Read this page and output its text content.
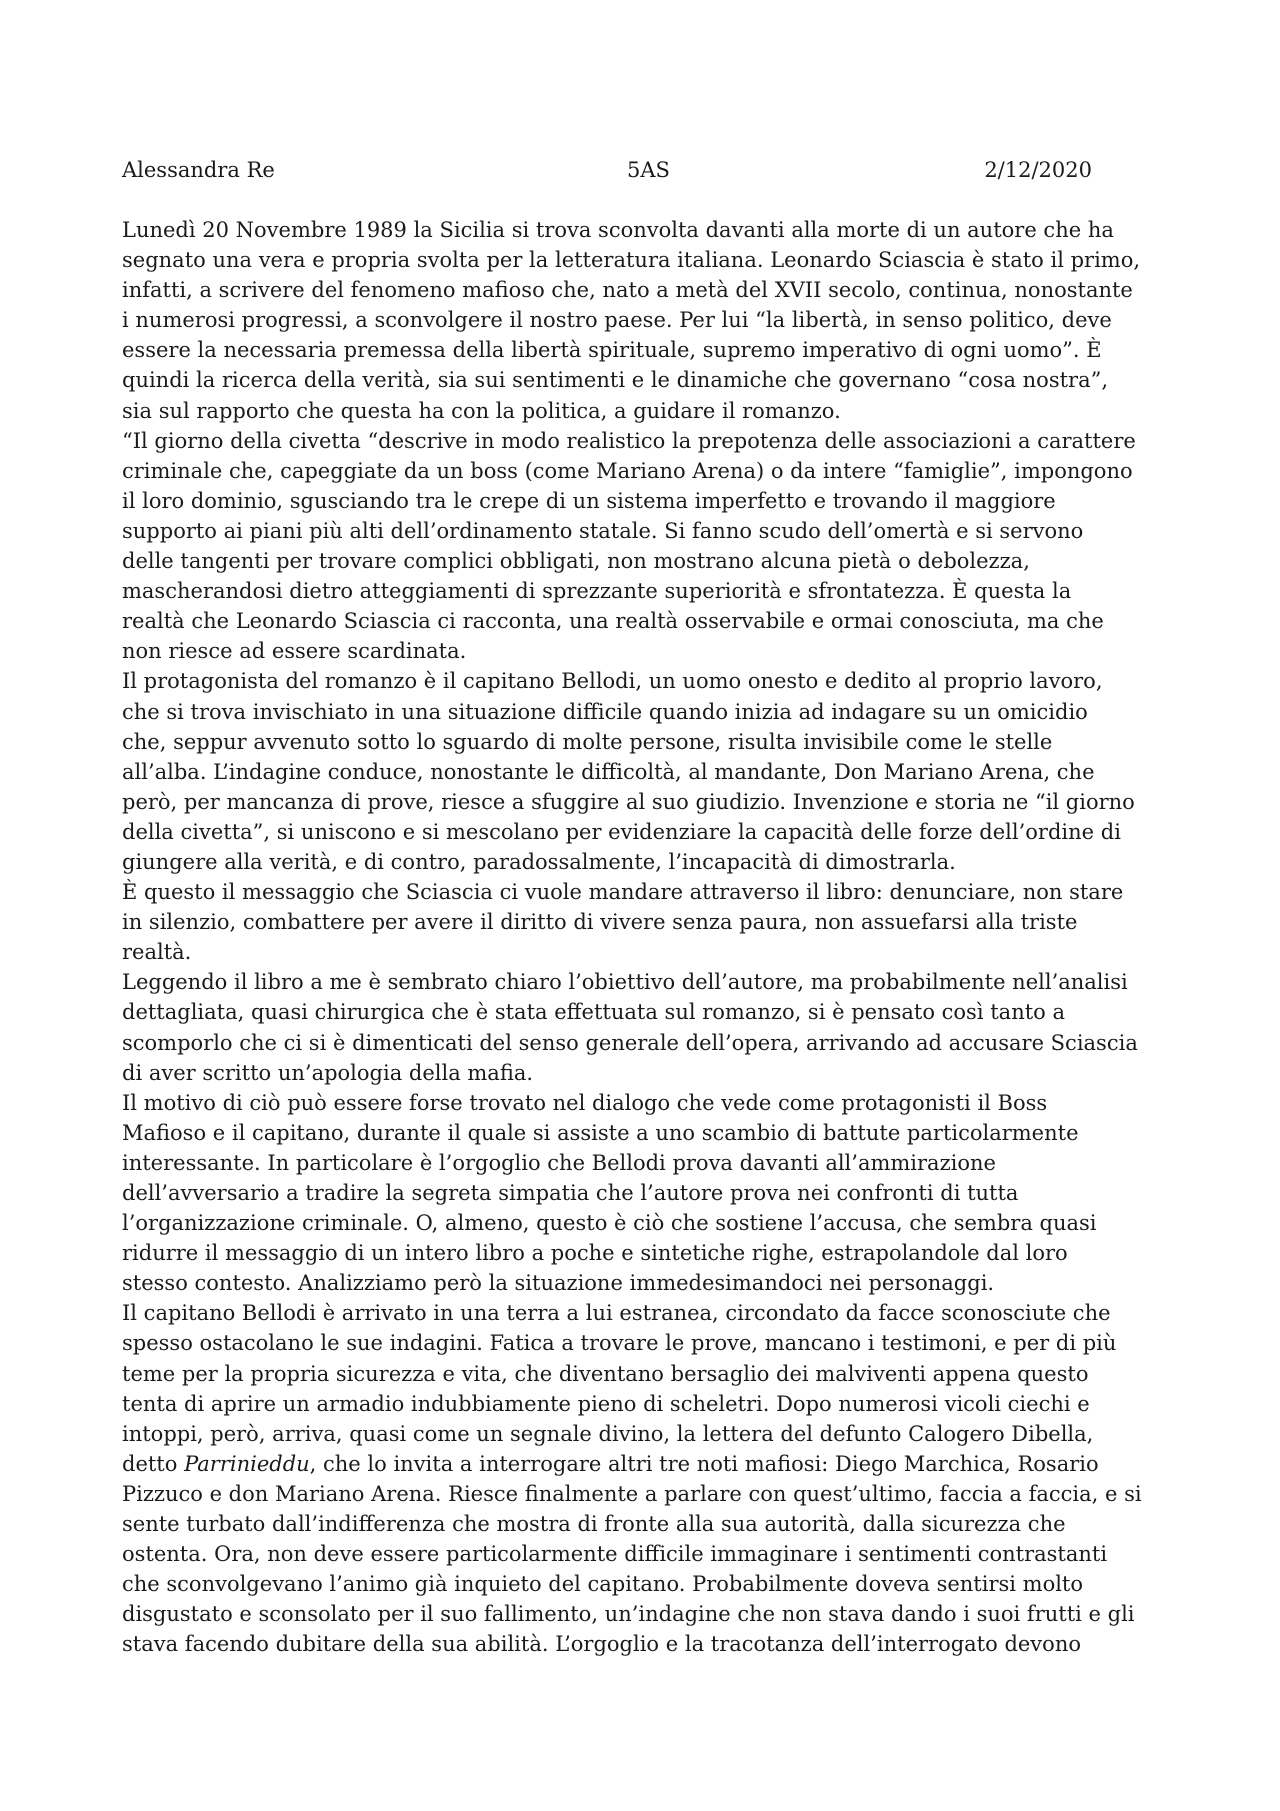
Alessandra Re	5AS	2/12/2020

Lunedì 20 Novembre 1989 la Sicilia si trova sconvolta davanti alla morte di un autore che ha
segnato una vera e propria svolta per la letteratura italiana. Leonardo Sciascia è stato il primo,
infatti, a scrivere del fenomeno mafioso che, nato a metà del XVII secolo, continua, nonostante
i numerosi progressi, a sconvolgere il nostro paese. Per lui “la libertà, in senso politico, deve
essere la necessaria premessa della libertà spirituale, supremo imperativo di ogni uomo”. È
quindi la ricerca della verità, sia sui sentimenti e le dinamiche che governano “cosa nostra”,
sia sul rapporto che questa ha con la politica, a guidare il romanzo.

“Il giorno della civetta “descrive in modo realistico la prepotenza delle associazioni a carattere
criminale che, capeggiate da un boss (come Mariano Arena) o da intere “famiglie”, impongono
il loro dominio, sgusciando tra le crepe di un sistema imperfetto e trovando il maggiore
supporto ai piani più alti dell’ordinamento statale. Si fanno scudo dell’omertà e si servono
delle tangenti per trovare complici obbligati, non mostrano alcuna pietà o debolezza,
mascherandosi dietro atteggiamenti di sprezzante superiorità e sfrontatezza. È questa la
realtà che Leonardo Sciascia ci racconta, una realtà osservabile e ormai conosciuta, ma che
non riesce ad essere scardinata.

Il protagonista del romanzo è il capitano Bellodi, un uomo onesto e dedito al proprio lavoro,
che si trova invischiato in una situazione difficile quando inizia ad indagare su un omicidio
che, seppur avvenuto sotto lo sguardo di molte persone, risulta invisibile come le stelle
all’alba. L’indagine conduce, nonostante le difficoltà, al mandante, Don Mariano Arena, che
però, per mancanza di prove, riesce a sfuggire al suo giudizio. Invenzione e storia ne “il giorno
della civetta”, si uniscono e si mescolano per evidenziare la capacità delle forze dell’ordine di
giungere alla verità, e di contro, paradossalmente, l’incapacità di dimostrarla.

È questo il messaggio che Sciascia ci vuole mandare attraverso il libro: denunciare, non stare
in silenzio, combattere per avere il diritto di vivere senza paura, non assuefarsi alla triste
realtà.

Leggendo il libro a me è sembrato chiaro l’obiettivo dell’autore, ma probabilmente nell’analisi
dettagliata, quasi chirurgica che è stata effettuata sul romanzo, si è pensato così tanto a
scomporlo che ci si è dimenticati del senso generale dell’opera, arrivando ad accusare Sciascia
di aver scritto un’apologia della mafia.

Il motivo di ciò può essere forse trovato nel dialogo che vede come protagonisti il Boss
Mafioso e il capitano, durante il quale si assiste a uno scambio di battute particolarmente
interessante. In particolare è l’orgoglio che Bellodi prova davanti all’ammirazione
dell’avversario a tradire la segreta simpatia che l’autore prova nei confronti di tutta
l’organizzazione criminale. O, almeno, questo è ciò che sostiene l’accusa, che sembra quasi
ridurre il messaggio di un intero libro a poche e sintetiche righe, estrapolandole dal loro
stesso contesto. Analizziamo però la situazione immedesimandoci nei personaggi.

Il capitano Bellodi è arrivato in una terra a lui estranea, circondato da facce sconosciute che
spesso ostacolano le sue indagini. Fatica a trovare le prove, mancano i testimoni, e per di più
teme per la propria sicurezza e vita, che diventano bersaglio dei malviventi appena questo
tenta di aprire un armadio indubbiamente pieno di scheletri. Dopo numerosi vicoli ciechi e
intoppi, però, arriva, quasi come un segnale divino, la lettera del defunto Calogero Dibella,
detto Parrinieddu, che lo invita a interrogare altri tre noti mafiosi: Diego Marchica, Rosario
Pizzuco e don Mariano Arena. Riesce finalmente a parlare con quest’ultimo, faccia a faccia, e si
sente turbato dall’indifferenza che mostra di fronte alla sua autorità, dalla sicurezza che
ostenta. Ora, non deve essere particolarmente difficile immaginare i sentimenti contrastanti
che sconvolgevano l’animo già inquieto del capitano. Probabilmente doveva sentirsi molto
disgustato e sconsolato per il suo fallimento, un’indagine che non stava dando i suoi frutti e gli
stava facendo dubitare della sua abilità. L’orgoglio e la tracotanza dell’interrogato devono
